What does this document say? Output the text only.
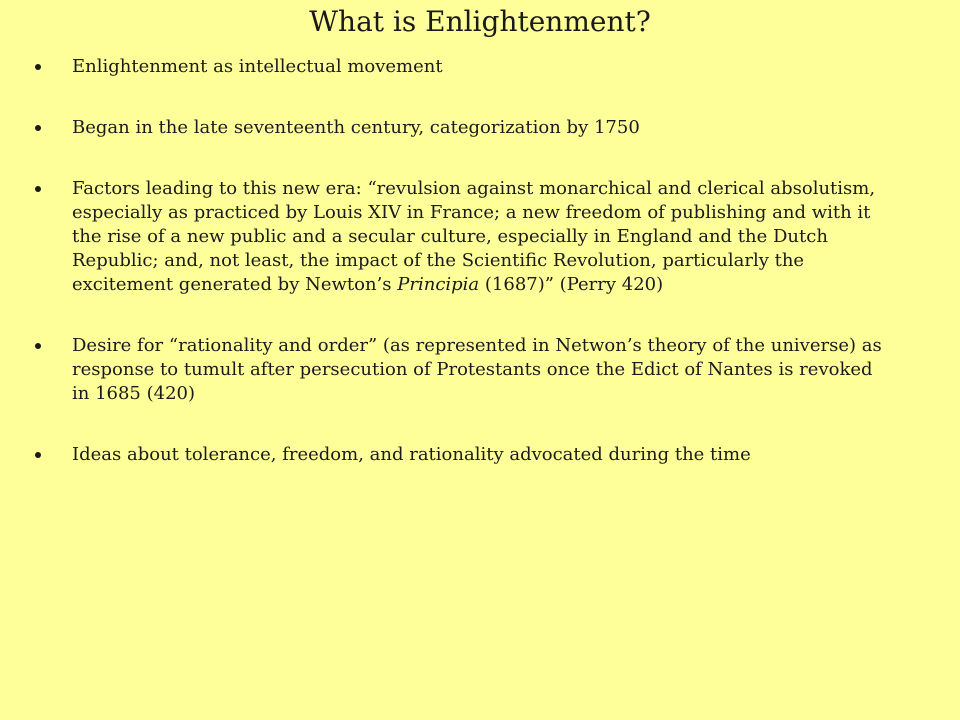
What is Enlightenment?
Enlightenment as intellectual movement
Began in the late seventeenth century, categorization by 1750
Factors leading to this new era: “revulsion against monarchical and clerical absolutism, especially as practiced by Louis XIV in France; a new freedom of publishing and with it the rise of a new public and a secular culture, especially in England and the Dutch Republic; and, not least, the impact of the Scientific Revolution, particularly the excitement generated by Newton’s Principia (1687)” (Perry 420)
Desire for “rationality and order” (as represented in Netwon’s theory of the universe) as response to tumult after persecution of Protestants once the Edict of Nantes is revoked in 1685 (420)
Ideas about tolerance, freedom, and rationality advocated during the time
